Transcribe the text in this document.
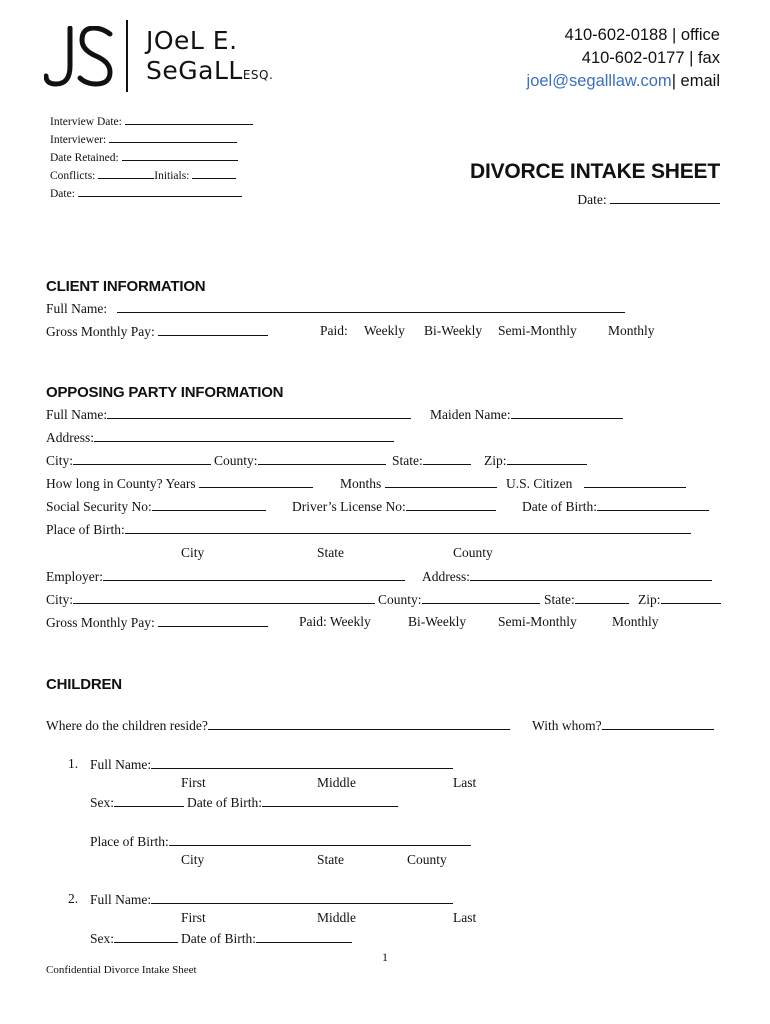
JOeL E.
SeGaLLESQ.
410-602-0188 | office
410-602-0177 | fax
joel@segalllaw.com| email
Interview Date:
Interviewer:
Date Retained:
Conflicts:	Initials:
Date:
DIVORCE INTAKE SHEET
Date:
CLIENT INFORMATION
Full Name:
Gross Monthly Pay:	Paid: Weekly Bi-Weekly Semi-Monthly Monthly
OPPOSING PARTY INFORMATION
Full Name:	Maiden Name:
Address:
City:	County:	State:	Zip:
How long in County? Years	Months	U.S. Citizen
Social Security No:	Driver’s License No:	Date of Birth:
Place of Birth:
City	State	County
Employer:	Address:
City:	County:	State:	Zip:
Gross Monthly Pay:	Paid: Weekly	Bi-Weekly Semi-Monthly	Monthly
CHILDREN
Where do the children reside?	With whom?
1. Full Name:
First	Middle	Last
Sex:	Date of Birth:
Place of Birth:
City	State	County
2. Full Name:
First	Middle	Last
Sex:	Date of Birth:
1
Confidential Divorce Intake Sheet
